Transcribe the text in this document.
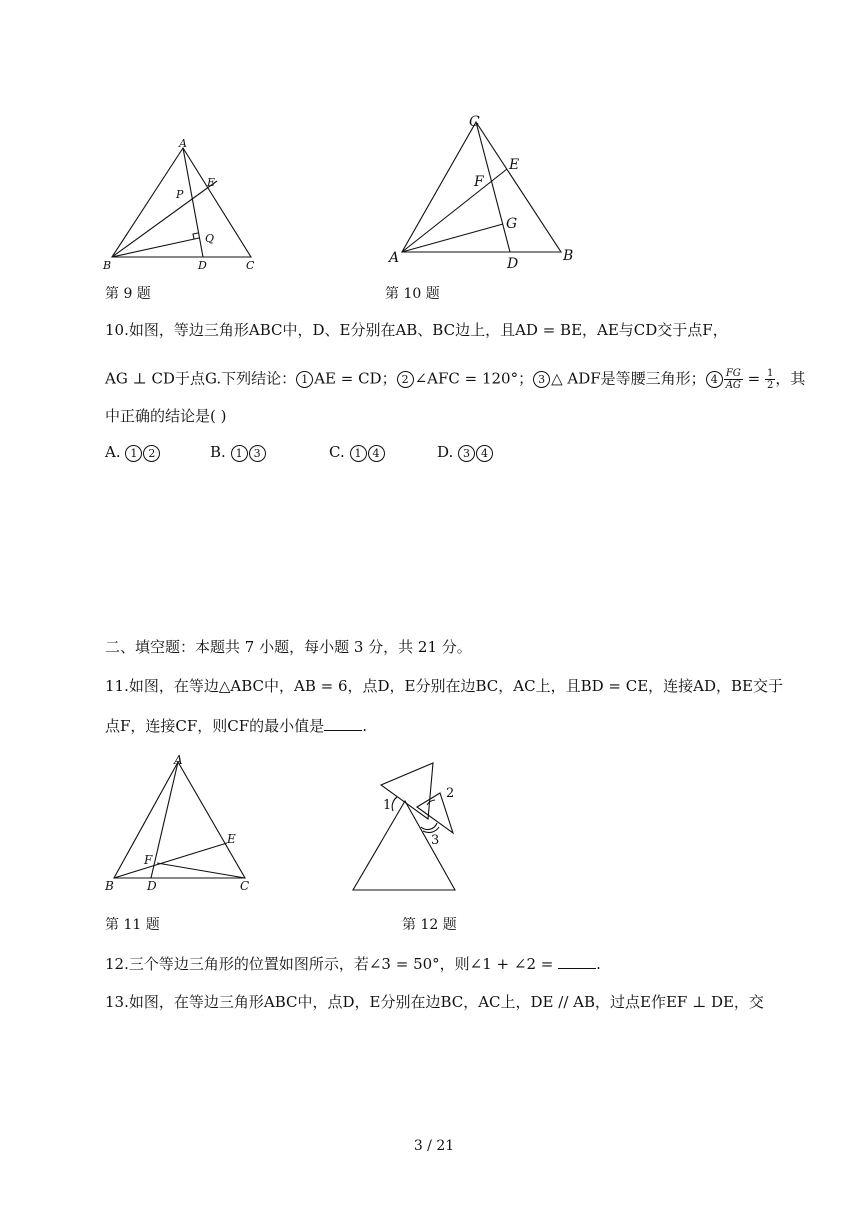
A
B	C
D
E
P
Q
第 9 题
C
A	B
D
E
F
G
第 10 题
10.如图，等边三角形ABC中，D、E分别在AB、BC边上，且AD = BE，AE与CD交于点F，
AG ⊥ CD于点G.下列结论： 1 AE = CD； 2 ∠AFC = 120°； 3 △ ADF是等腰三角形； $4 \frac{FG}{AG} = \frac{1}{2}$ ，其
中正确的结论是( )
A. 1 2	B. 1 3	C. 1 4	D. 3 4
二、填空题：本题共 7 小题，每小题 3 分，共 21 分。
11.如图，在等边△ABC中，AB = 6，点D，E分别在边BC，AC上，且BD = CE，连接AD，BE交于
点F，连接CF，则CF的最小值是	.
A
B	C
D
E
F
第 11 题
1
2
3
第 12 题
12.三个等边三角形的位置如图所示，若∠3 = 50°，则∠1 + ∠2 =	.
13.如图，在等边三角形ABC中，点D，E分别在边BC，AC上，DE // AB，过点E作EF ⊥ DE，交
3 / 21
